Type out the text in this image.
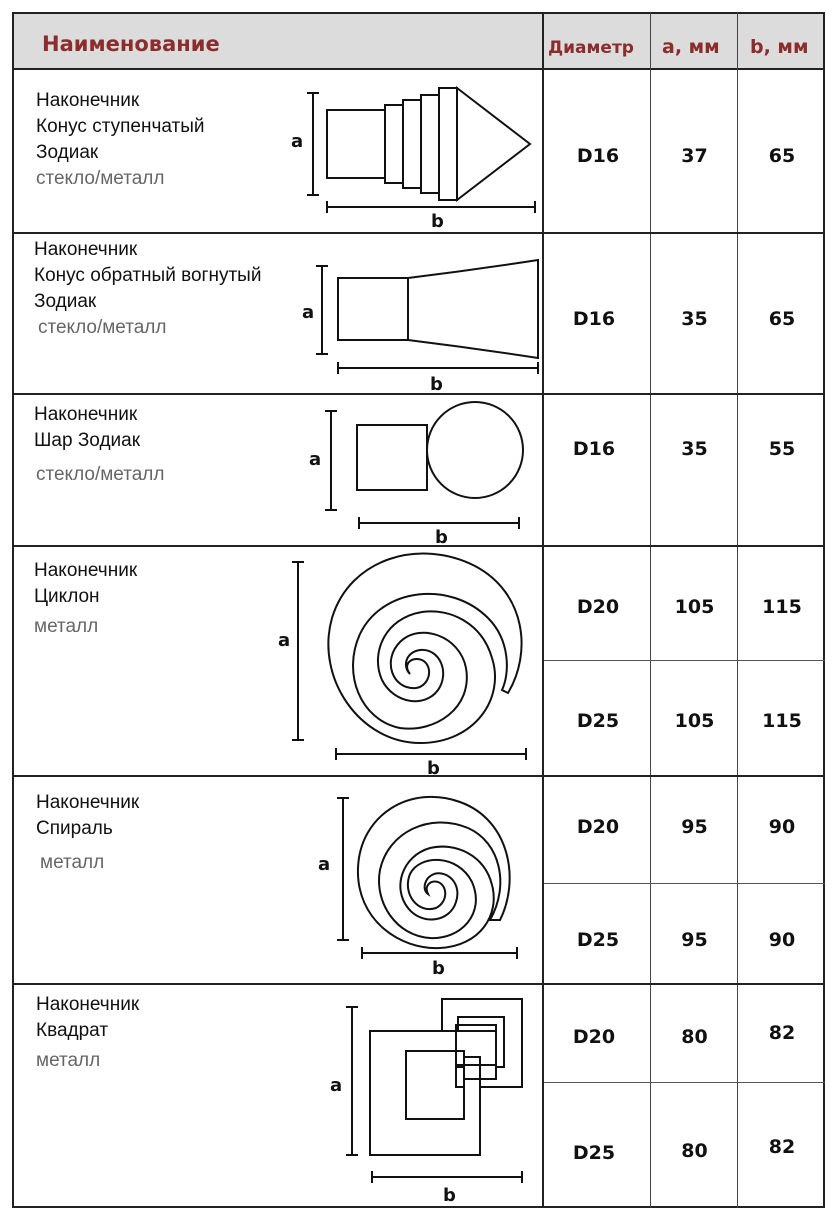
Наименование	Диаметр a, мм b, мм
Наконечник
Конус ступенчатый
Зодиак
стекло/металл
a
b
D16	37	65
Наконечник
Конус обратный вогнутый
Зодиак
стекло/металл
a
b
D16	35	65
Наконечник
Шар Зодиак
стекло/металл
a
b
D16	35	55
Наконечник
Циклон
металл
a
b
D20	105	115
D25	105	115
Наконечник
Спираль
металл	a
b
D20	95	90
D25	95	90
Наконечник
Квадрат
металл
a
b
D20	80	82
D25	80	82
